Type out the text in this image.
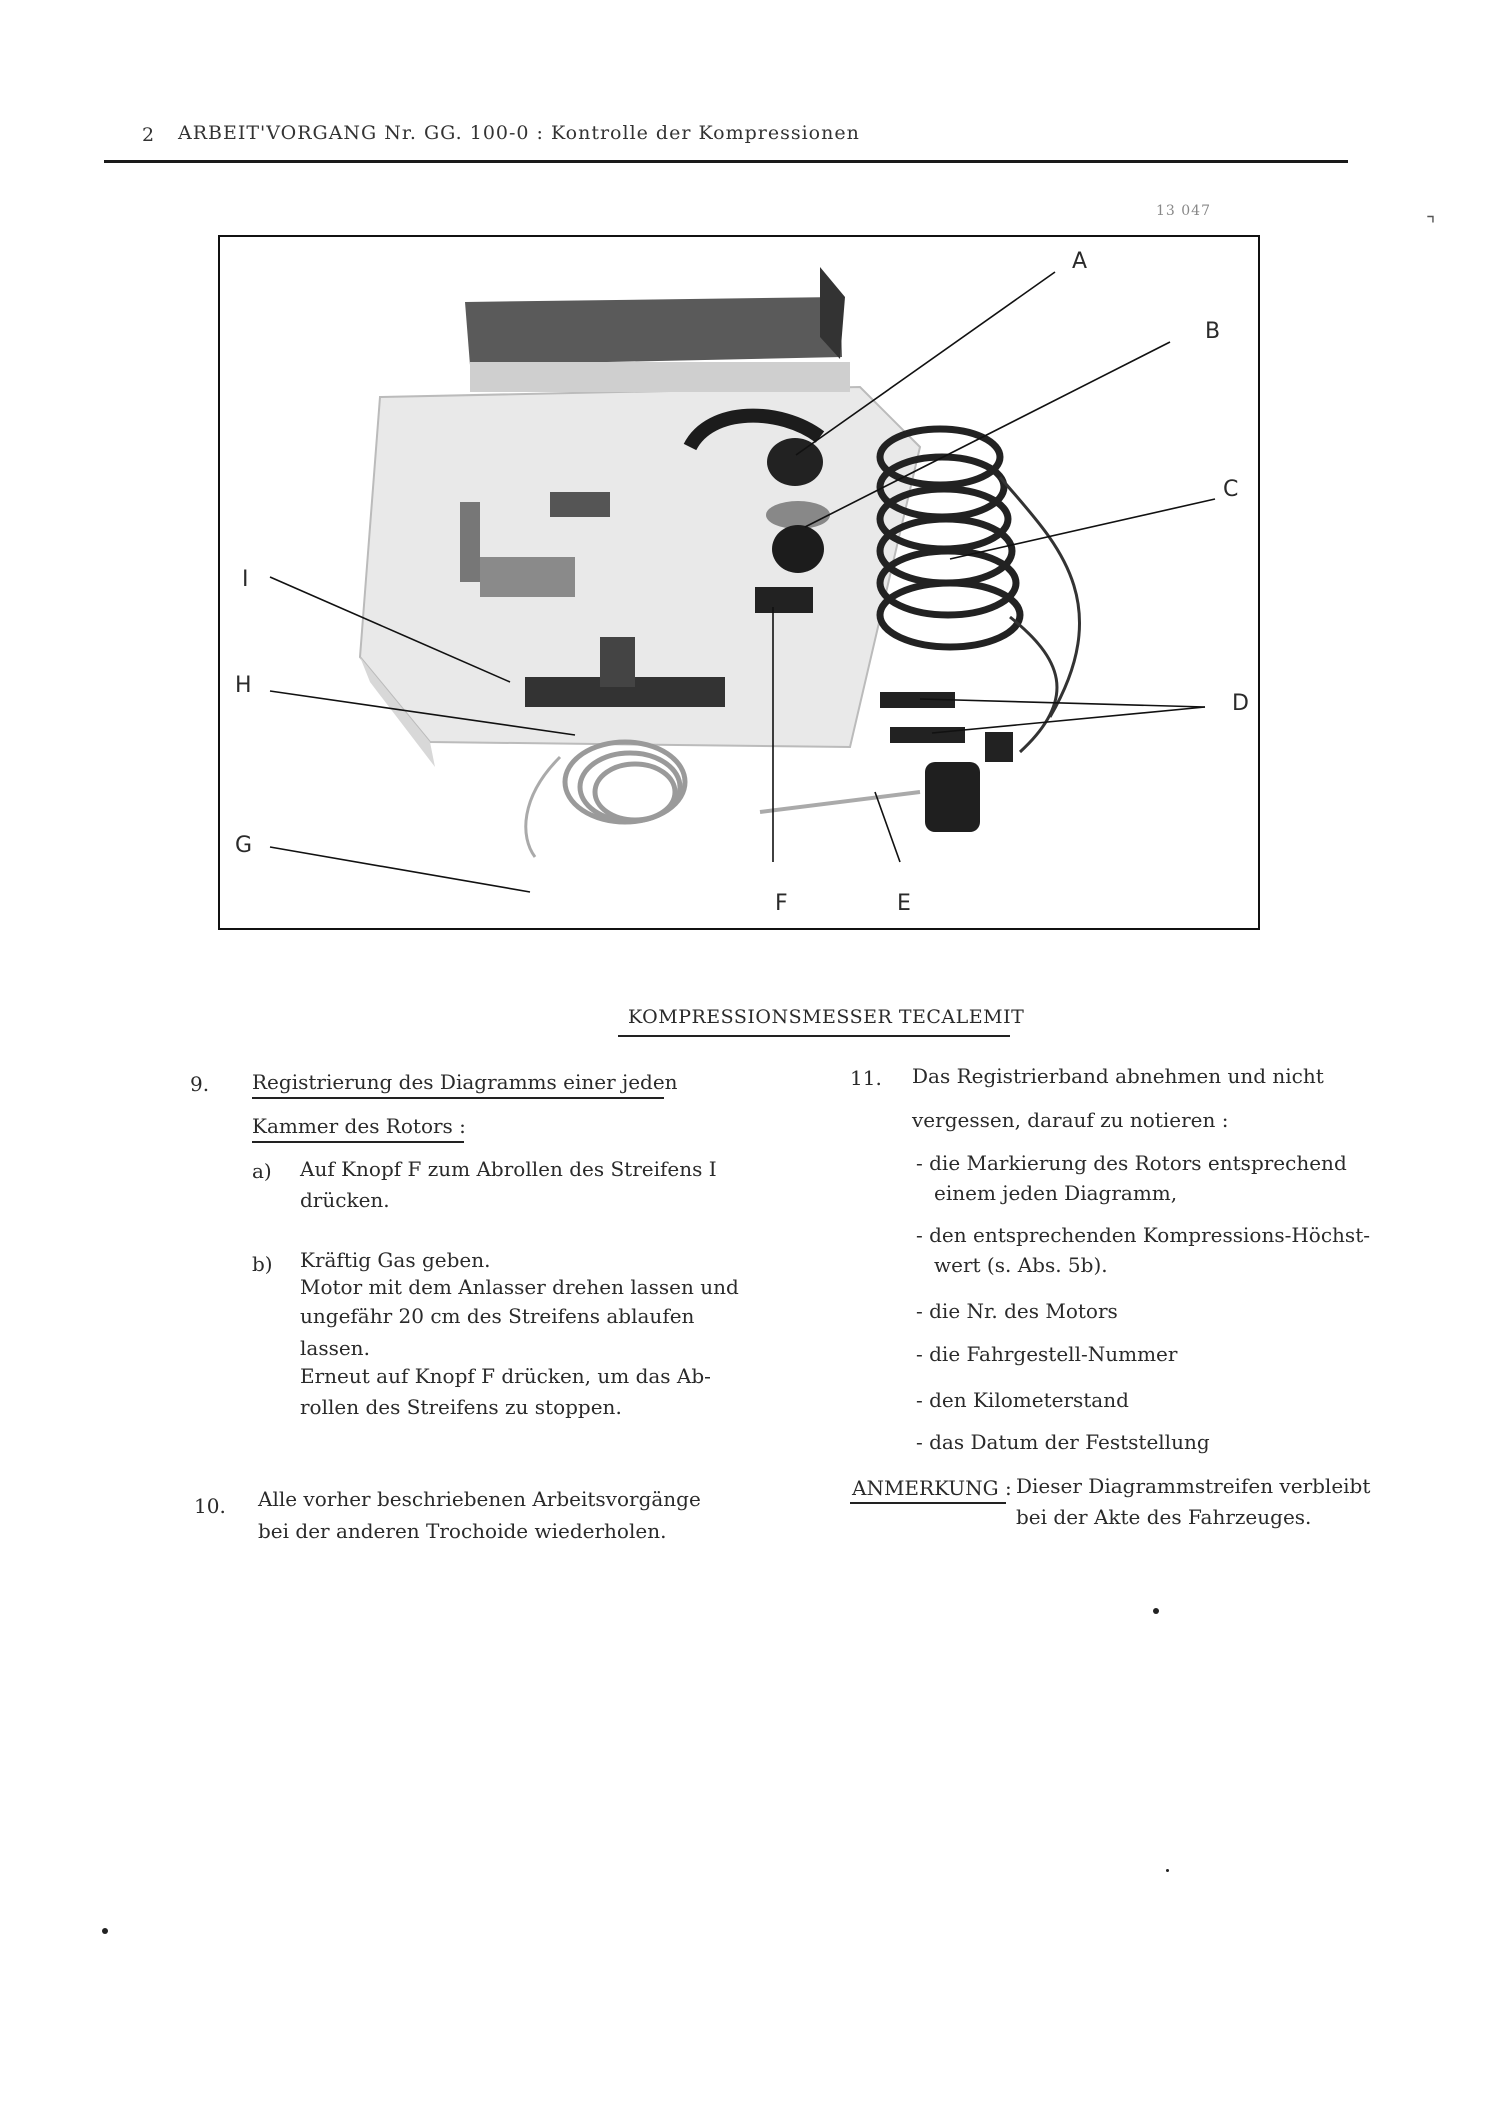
2 ARBEIT'VORGANG Nr. GG. 100-0 : Kontrolle der Kompressionen
13 047
⌝
A
B
C
D
E
F
G
H
I
KOMPRESSIONSMESSER TECALEMIT
9. Registrierung des Diagramms einer jeden
Kammer des Rotors :
a) Auf Knopf F zum Abrollen des Streifens I
drücken.
b) Kräftig Gas geben.
Motor mit dem Anlasser drehen lassen und
ungefähr 20 cm des Streifens ablaufen
lassen.
Erneut auf Knopf F drücken, um das Ab-
rollen des Streifens zu stoppen.
10. Alle vorher beschriebenen Arbeitsvorgänge
bei der anderen Trochoide wiederholen.
11. Das Registrierband abnehmen und nicht
vergessen, darauf zu notieren :
- die Markierung des Rotors entsprechend
einem jeden Diagramm,
- den entsprechenden Kompressions-Höchst-
wert (s. Abs. 5b).
- die Nr. des Motors
- die Fahrgestell-Nummer
- den Kilometerstand
- das Datum der Feststellung
ANMERKUNG : Dieser Diagrammstreifen verbleibt
bei der Akte des Fahrzeuges.
